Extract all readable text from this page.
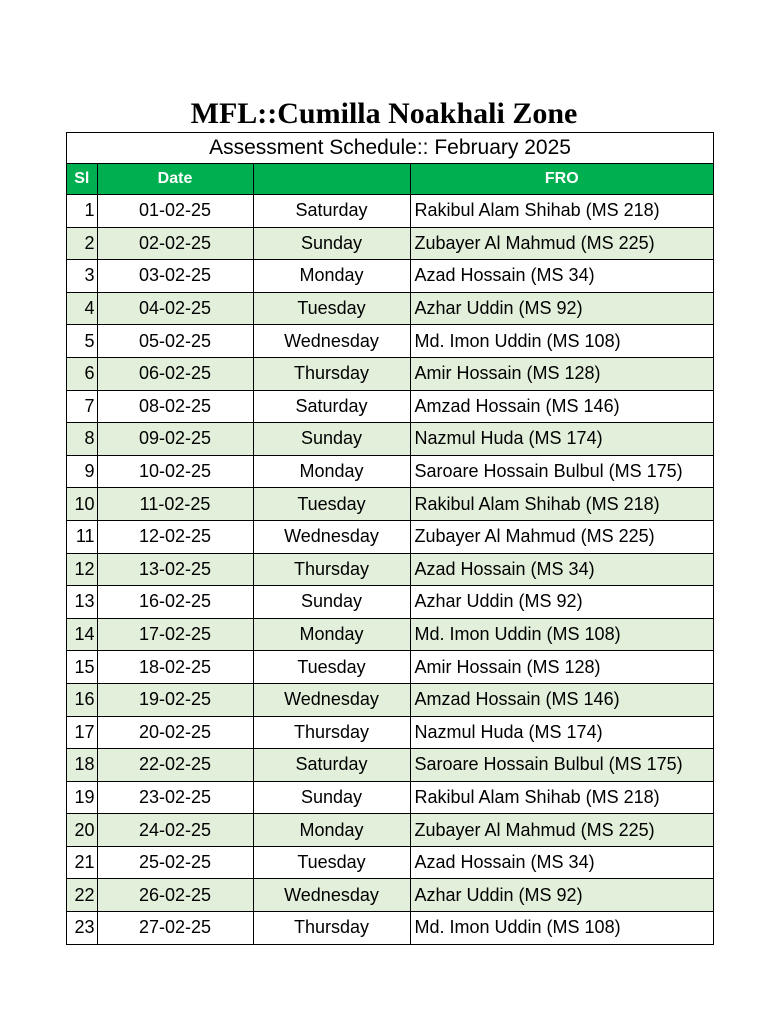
MFL::Cumilla Noakhali Zone
Assessment Schedule:: February 2025
Sl	Date		FRO
1	01-02-25	Saturday	Rakibul Alam Shihab (MS 218)
2	02-02-25	Sunday	Zubayer Al Mahmud (MS 225)
3	03-02-25	Monday	Azad Hossain (MS 34)
4	04-02-25	Tuesday	Azhar Uddin (MS 92)
5	05-02-25	Wednesday	Md. Imon Uddin (MS 108)
6	06-02-25	Thursday	Amir Hossain (MS 128)
7	08-02-25	Saturday	Amzad Hossain (MS 146)
8	09-02-25	Sunday	Nazmul Huda (MS 174)
9	10-02-25	Monday	Saroare Hossain Bulbul (MS 175)
10	11-02-25	Tuesday	Rakibul Alam Shihab (MS 218)
11	12-02-25	Wednesday	Zubayer Al Mahmud (MS 225)
12	13-02-25	Thursday	Azad Hossain (MS 34)
13	16-02-25	Sunday	Azhar Uddin (MS 92)
14	17-02-25	Monday	Md. Imon Uddin (MS 108)
15	18-02-25	Tuesday	Amir Hossain (MS 128)
16	19-02-25	Wednesday	Amzad Hossain (MS 146)
17	20-02-25	Thursday	Nazmul Huda (MS 174)
18	22-02-25	Saturday	Saroare Hossain Bulbul (MS 175)
19	23-02-25	Sunday	Rakibul Alam Shihab (MS 218)
20	24-02-25	Monday	Zubayer Al Mahmud (MS 225)
21	25-02-25	Tuesday	Azad Hossain (MS 34)
22	26-02-25	Wednesday	Azhar Uddin (MS 92)
23	27-02-25	Thursday	Md. Imon Uddin (MS 108)
